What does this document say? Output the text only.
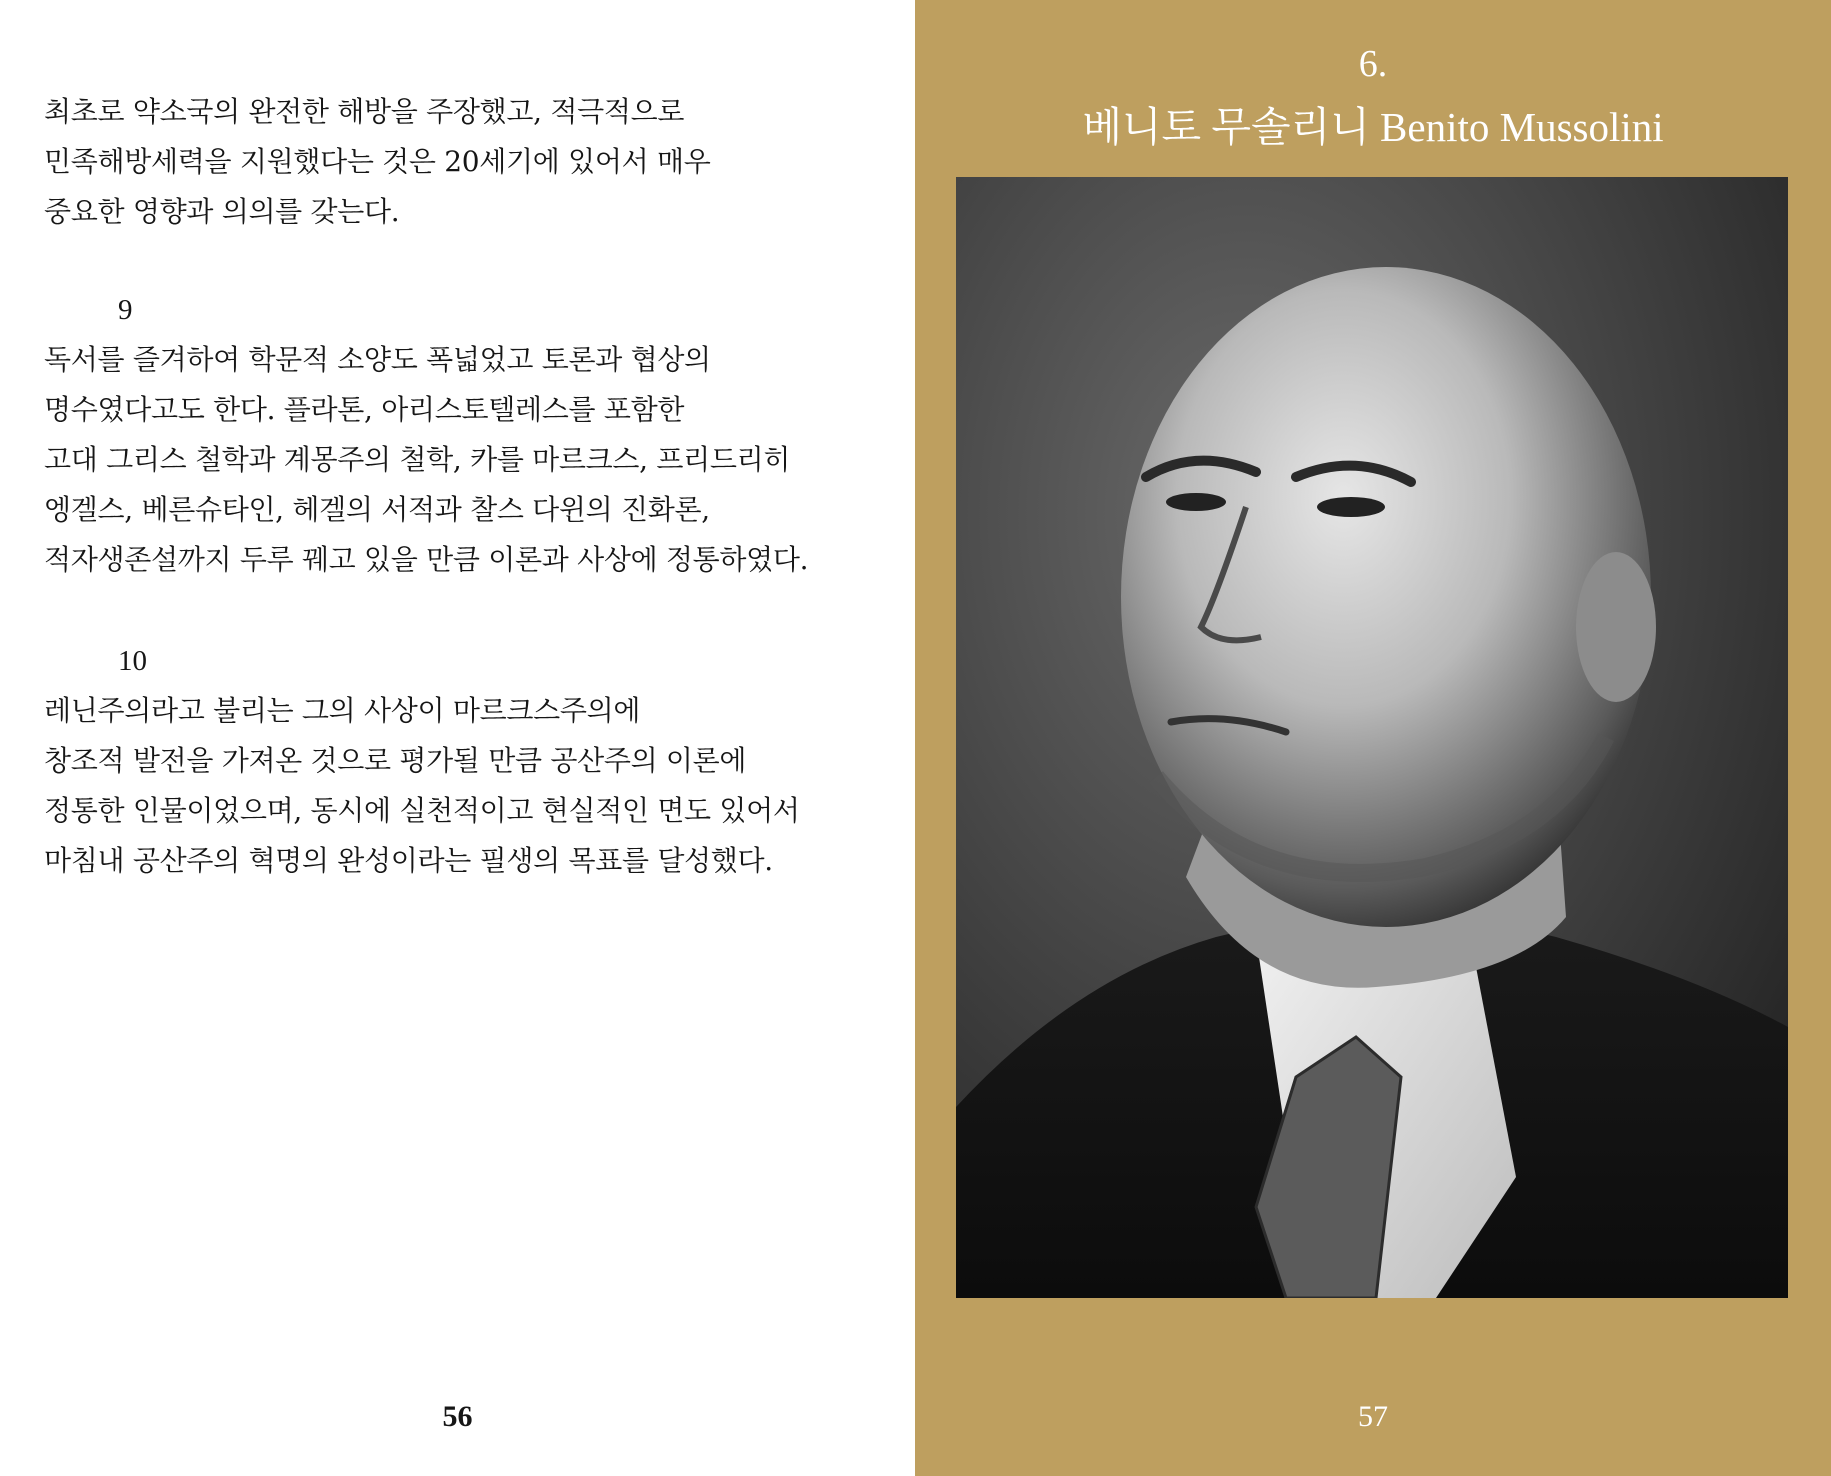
최초로 약소국의 완전한 해방을 주장했고, 적극적으로
민족해방세력을 지원했다는 것은 20세기에 있어서 매우
중요한 영향과 의의를 갖는다.
9
독서를 즐겨하여 학문적 소양도 폭넓었고 토론과 협상의
명수였다고도 한다. 플라톤, 아리스토텔레스를 포함한
고대 그리스 철학과 계몽주의 철학, 카를 마르크스, 프리드리히
엥겔스, 베른슈타인, 헤겔의 서적과 찰스 다윈의 진화론,
적자생존설까지 두루 꿰고 있을 만큼 이론과 사상에 정통하였다.
10
레닌주의라고 불리는 그의 사상이 마르크스주의에
창조적 발전을 가져온 것으로 평가될 만큼 공산주의 이론에
정통한 인물이었으며, 동시에 실천적이고 현실적인 면도 있어서
마침내 공산주의 혁명의 완성이라는 필생의 목표를 달성했다.
56
6.
베니토 무솔리니 Benito Mussolini
57
